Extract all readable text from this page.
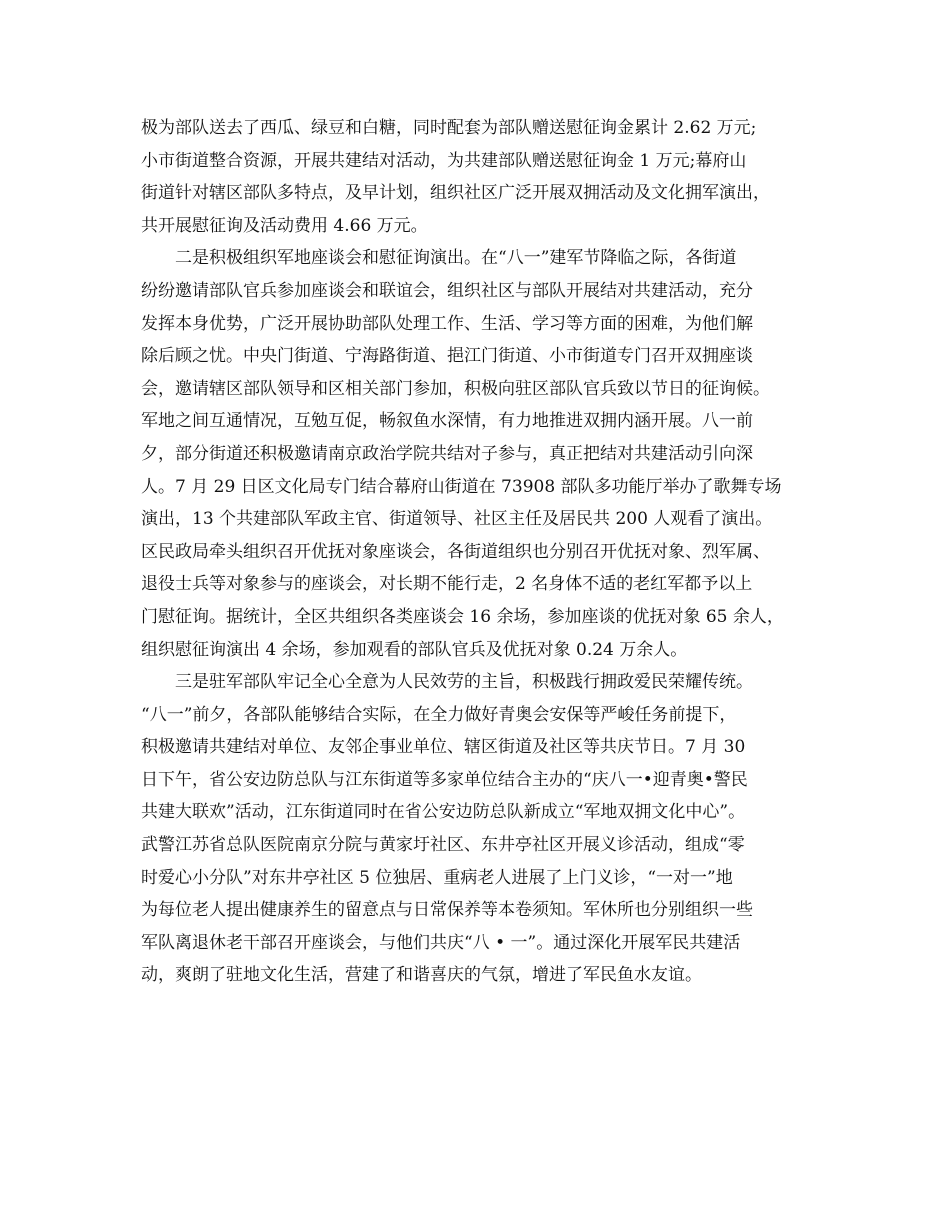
极为部队送去了西瓜、绿豆和白糖，同时配套为部队赠送慰征询金累计 2.62 万元;
小市街道整合资源，开展共建结对活动，为共建部队赠送慰征询金 1 万元;幕府山
街道针对辖区部队多特点，及早计划，组织社区广泛开展双拥活动及文化拥军演出，
共开展慰征询及活动费用 4.66 万元。
二是积极组织军地座谈会和慰征询演出。在“八一”建军节降临之际，各街道
纷纷邀请部队官兵参加座谈会和联谊会，组织社区与部队开展结对共建活动，充分
发挥本身优势，广泛开展协助部队处理工作、生活、学习等方面的困难，为他们解
除后顾之忧。中央门街道、宁海路街道、挹江门街道、小市街道专门召开双拥座谈
会，邀请辖区部队领导和区相关部门参加，积极向驻区部队官兵致以节日的征询候。
军地之间互通情况，互勉互促，畅叙鱼水深情，有力地推进双拥内涵开展。八一前
夕，部分街道还积极邀请南京政治学院共结对子参与，真正把结对共建活动引向深
人。7 月 29 日区文化局专门结合幕府山街道在 73908 部队多功能厅举办了歌舞专场
演出，13 个共建部队军政主官、街道领导、社区主任及居民共 200 人观看了演出。
区民政局牵头组织召开优抚对象座谈会，各街道组织也分别召开优抚对象、烈军属、
退役士兵等对象参与的座谈会，对长期不能行走，2 名身体不适的老红军都予以上
门慰征询。据统计，全区共组织各类座谈会 16 余场，参加座谈的优抚对象 65 余人，
组织慰征询演出 4 余场，参加观看的部队官兵及优抚对象 0.24 万余人。
三是驻军部队牢记全心全意为人民效劳的主旨，积极践行拥政爱民荣耀传统。
“八一”前夕，各部队能够结合实际，在全力做好青奥会安保等严峻任务前提下，
积极邀请共建结对单位、友邻企事业单位、辖区街道及社区等共庆节日。7 月 30
日下午，省公安边防总队与江东街道等多家单位结合主办的“庆八一•迎青奥•警民
共建大联欢”活动，江东街道同时在省公安边防总队新成立“军地双拥文化中心”。
武警江苏省总队医院南京分院与黄家圩社区、东井亭社区开展义诊活动，组成“零
时爱心小分队”对东井亭社区 5 位独居、重病老人进展了上门义诊，“一对一”地
为每位老人提出健康养生的留意点与日常保养等本卷须知。军休所也分别组织一些
军队离退休老干部召开座谈会，与他们共庆“八 • 一”。通过深化开展军民共建活
动，爽朗了驻地文化生活，营建了和谐喜庆的气氛，增进了军民鱼水友谊。
